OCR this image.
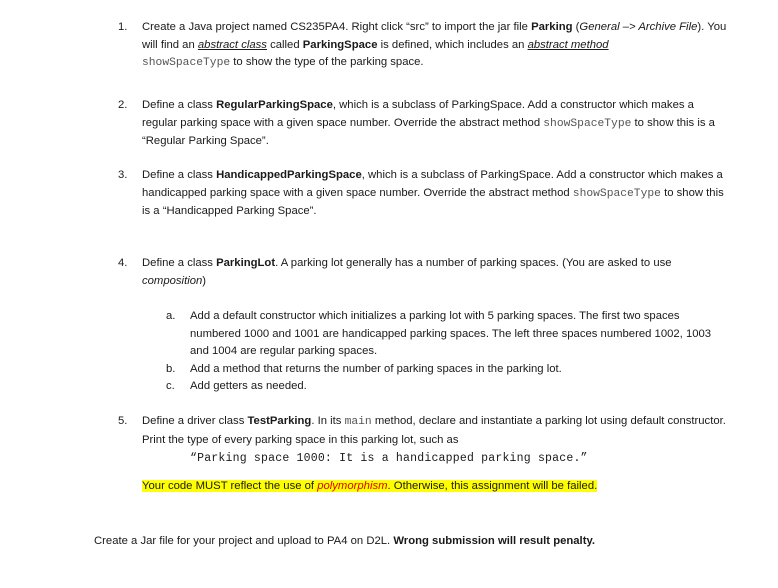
1.	Create a Java project named CS235PA4. Right click “src” to import the jar file Parking (General –> Archive File). You will find an abstract class called ParkingSpace is defined, which includes an abstract method
showSpaceType to show the type of the parking space.
2.	Define a class RegularParkingSpace, which is a subclass of ParkingSpace. Add a constructor which makes a regular parking space with a given space number. Override the abstract method showSpaceType to show this is a “Regular Parking Space”.
3.	Define a class HandicappedParkingSpace, which is a subclass of ParkingSpace. Add a constructor which makes a handicapped parking space with a given space number. Override the abstract method showSpaceType to show this is a “Handicapped Parking Space”.
4.	Define a class ParkingLot. A parking lot generally has a number of parking spaces. (You are asked to use composition)
a.	Add a default constructor which initializes a parking lot with 5 parking spaces. The first two spaces numbered 1000 and 1001 are handicapped parking spaces. The left three spaces numbered 1002, 1003 and 1004 are regular parking spaces.
b.	Add a method that returns the number of parking spaces in the parking lot.
c.	Add getters as needed.
5.	Define a driver class TestParking. In its main method, declare and instantiate a parking lot using default constructor. Print the type of every parking space in this parking lot, such as
“Parking space 1000: It is a handicapped parking space.”
Your code MUST reflect the use of polymorphism. Otherwise, this assignment will be failed.
Create a Jar file for your project and upload to PA4 on D2L. Wrong submission will result penalty.
